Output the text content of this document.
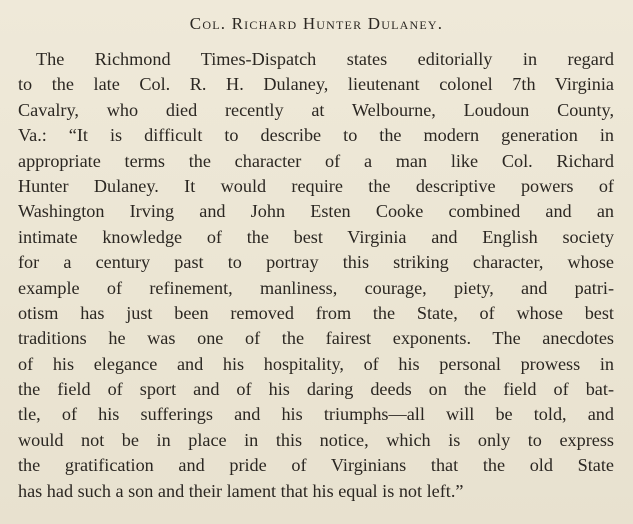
Col. Richard Hunter Dulaney.
The Richmond Times-Dispatch states editorially in regard
to the late Col. R. H. Dulaney, lieutenant colonel 7th Virginia
Cavalry, who died recently at Welbourne, Loudoun County,
Va.: “It is difficult to describe to the modern generation in
appropriate terms the character of a man like Col. Richard
Hunter Dulaney. It would require the descriptive powers of
Washington Irving and John Esten Cooke combined and an
intimate knowledge of the best Virginia and English society
for a century past to portray this striking character, whose
example of refinement, manliness, courage, piety, and patri-
otism has just been removed from the State, of whose best
traditions he was one of the fairest exponents. The anecdotes
of his elegance and his hospitality, of his personal prowess in
the field of sport and of his daring deeds on the field of bat-
tle, of his sufferings and his triumphs—all will be told, and
would not be in place in this notice, which is only to express
the gratification and pride of Virginians that the old State
has had such a son and their lament that his equal is not left.”
